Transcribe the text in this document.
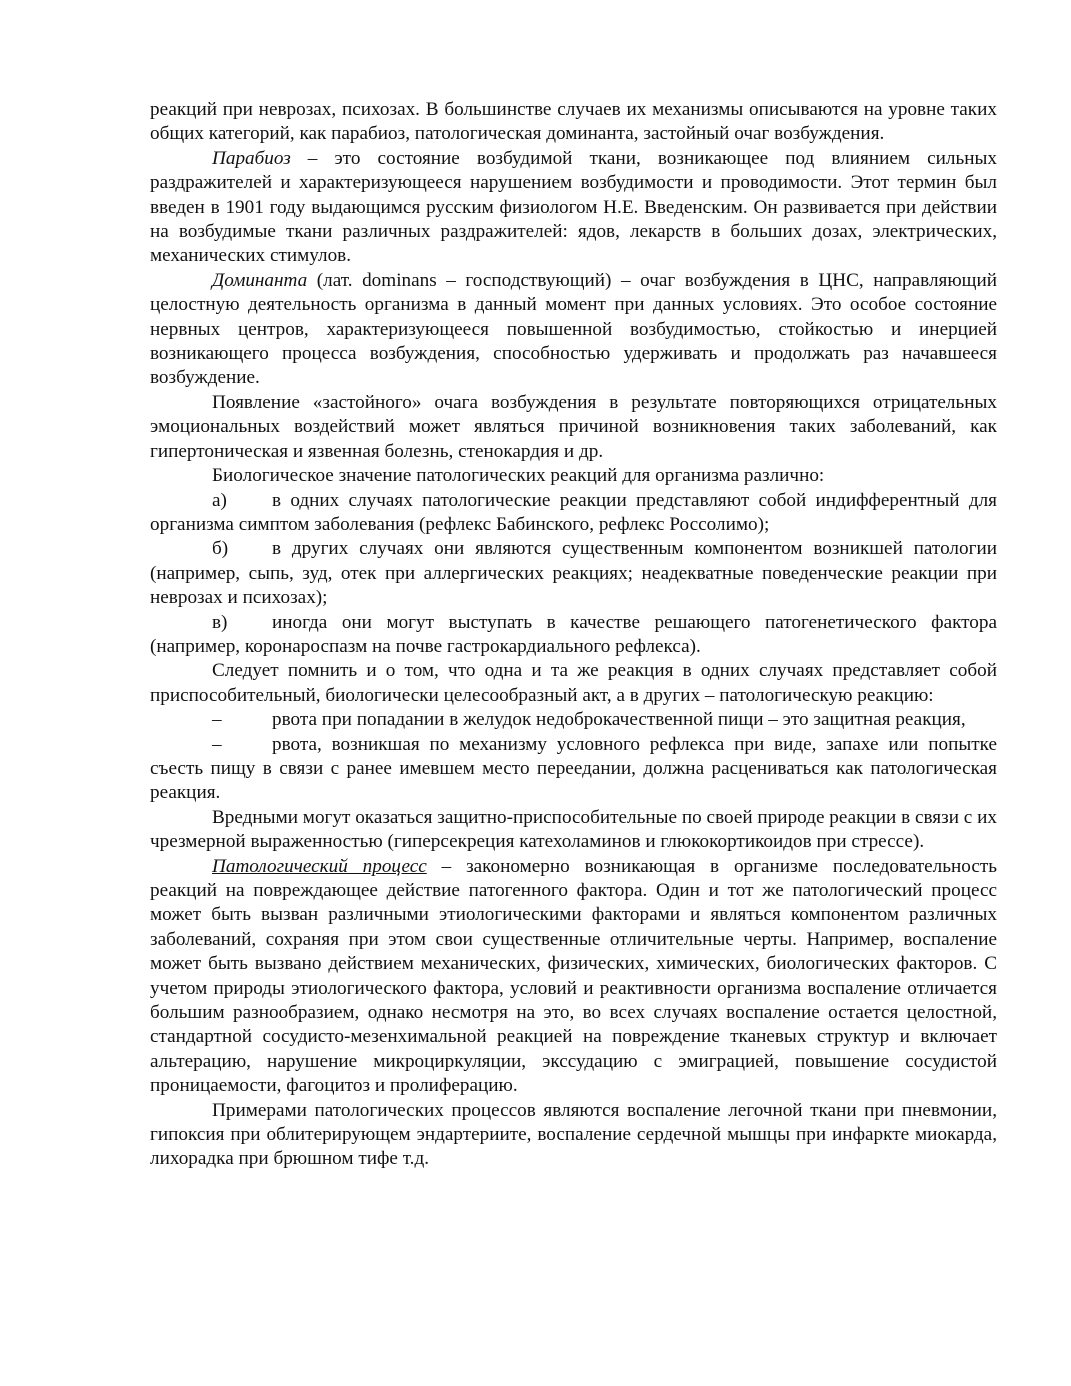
реакций при неврозах, психозах. В большинстве случаев их механизмы описываются на уровне таких общих категорий, как парабиоз, патологическая доминанта, застойный очаг возбуждения.

Парабиоз – это состояние возбудимой ткани, возникающее под влиянием сильных раздражителей и характеризующееся нарушением возбудимости и проводимости. Этот термин был введен в 1901 году выдающимся русским физиологом Н.Е. Введенским. Он развивается при действии на возбудимые ткани различных раздражителей: ядов, лекарств в больших дозах, электрических, механических стимулов.

Доминанта (лат. dominans – господствующий) – очаг возбуждения в ЦНС, направляющий целостную деятельность организма в данный момент при данных условиях. Это особое состояние нервных центров, характеризующееся повышенной возбудимостью, стойкостью и инерцией возникающего процесса возбуждения, способностью удерживать и продолжать раз начавшееся возбуждение.

Появление «застойного» очага возбуждения в результате повторяющихся отрицательных эмоциональных воздействий может являться причиной возникновения таких заболеваний, как гипертоническая и язвенная болезнь, стенокардия и др.

Биологическое значение патологических реакций для организма различно:

а) в одних случаях патологические реакции представляют собой индифферентный для организма симптом заболевания (рефлекс Бабинского, рефлекс Россолимо);

б) в других случаях они являются существенным компонентом возникшей патологии (например, сыпь, зуд, отек при аллергических реакциях; неадекватные поведенческие реакции при неврозах и психозах);

в) иногда они могут выступать в качестве решающего патогенетического фактора (например, коронароспазм на почве гастрокардиального рефлекса).

Следует помнить и о том, что одна и та же реакция в одних случаях представляет собой приспособительный, биологически целесообразный акт, а в других – патологическую реакцию:

–	рвота при попадании в желудок недоброкачественной пищи – это защитная реакция,

–	рвота, возникшая по механизму условного рефлекса при виде, запахе или попытке съесть пищу в связи с ранее имевшем место переедании, должна расцениваться как патологическая реакция.

Вредными могут оказаться защитно-приспособительные по своей природе реакции в связи с их чрезмерной выраженностью (гиперсекреция катехоламинов и глюкокортикоидов при стрессе).

Патологический процесс – закономерно возникающая в организме последовательность реакций на повреждающее действие патогенного фактора. Один и тот же патологический процесс может быть вызван различными этиологическими факторами и являться компонентом различных заболеваний, сохраняя при этом свои существенные отличительные черты. Например, воспаление может быть вызвано действием механических, физических, химических, биологических факторов. С учетом природы этиологического фактора, условий и реактивности организма воспаление отличается большим разнообразием, однако несмотря на это, во всех случаях воспаление остается целостной, стандартной сосудисто-мезенхимальной реакцией на повреждение тканевых структур и включает альтерацию, нарушение микроциркуляции, экссудацию с эмиграцией, повышение сосудистой проницаемости, фагоцитоз и пролиферацию.

Примерами патологических процессов являются воспаление легочной ткани при пневмонии, гипоксия при облитерирующем эндартериите, воспаление сердечной мышцы при инфаркте миокарда, лихорадка при брюшном тифе т.д.
